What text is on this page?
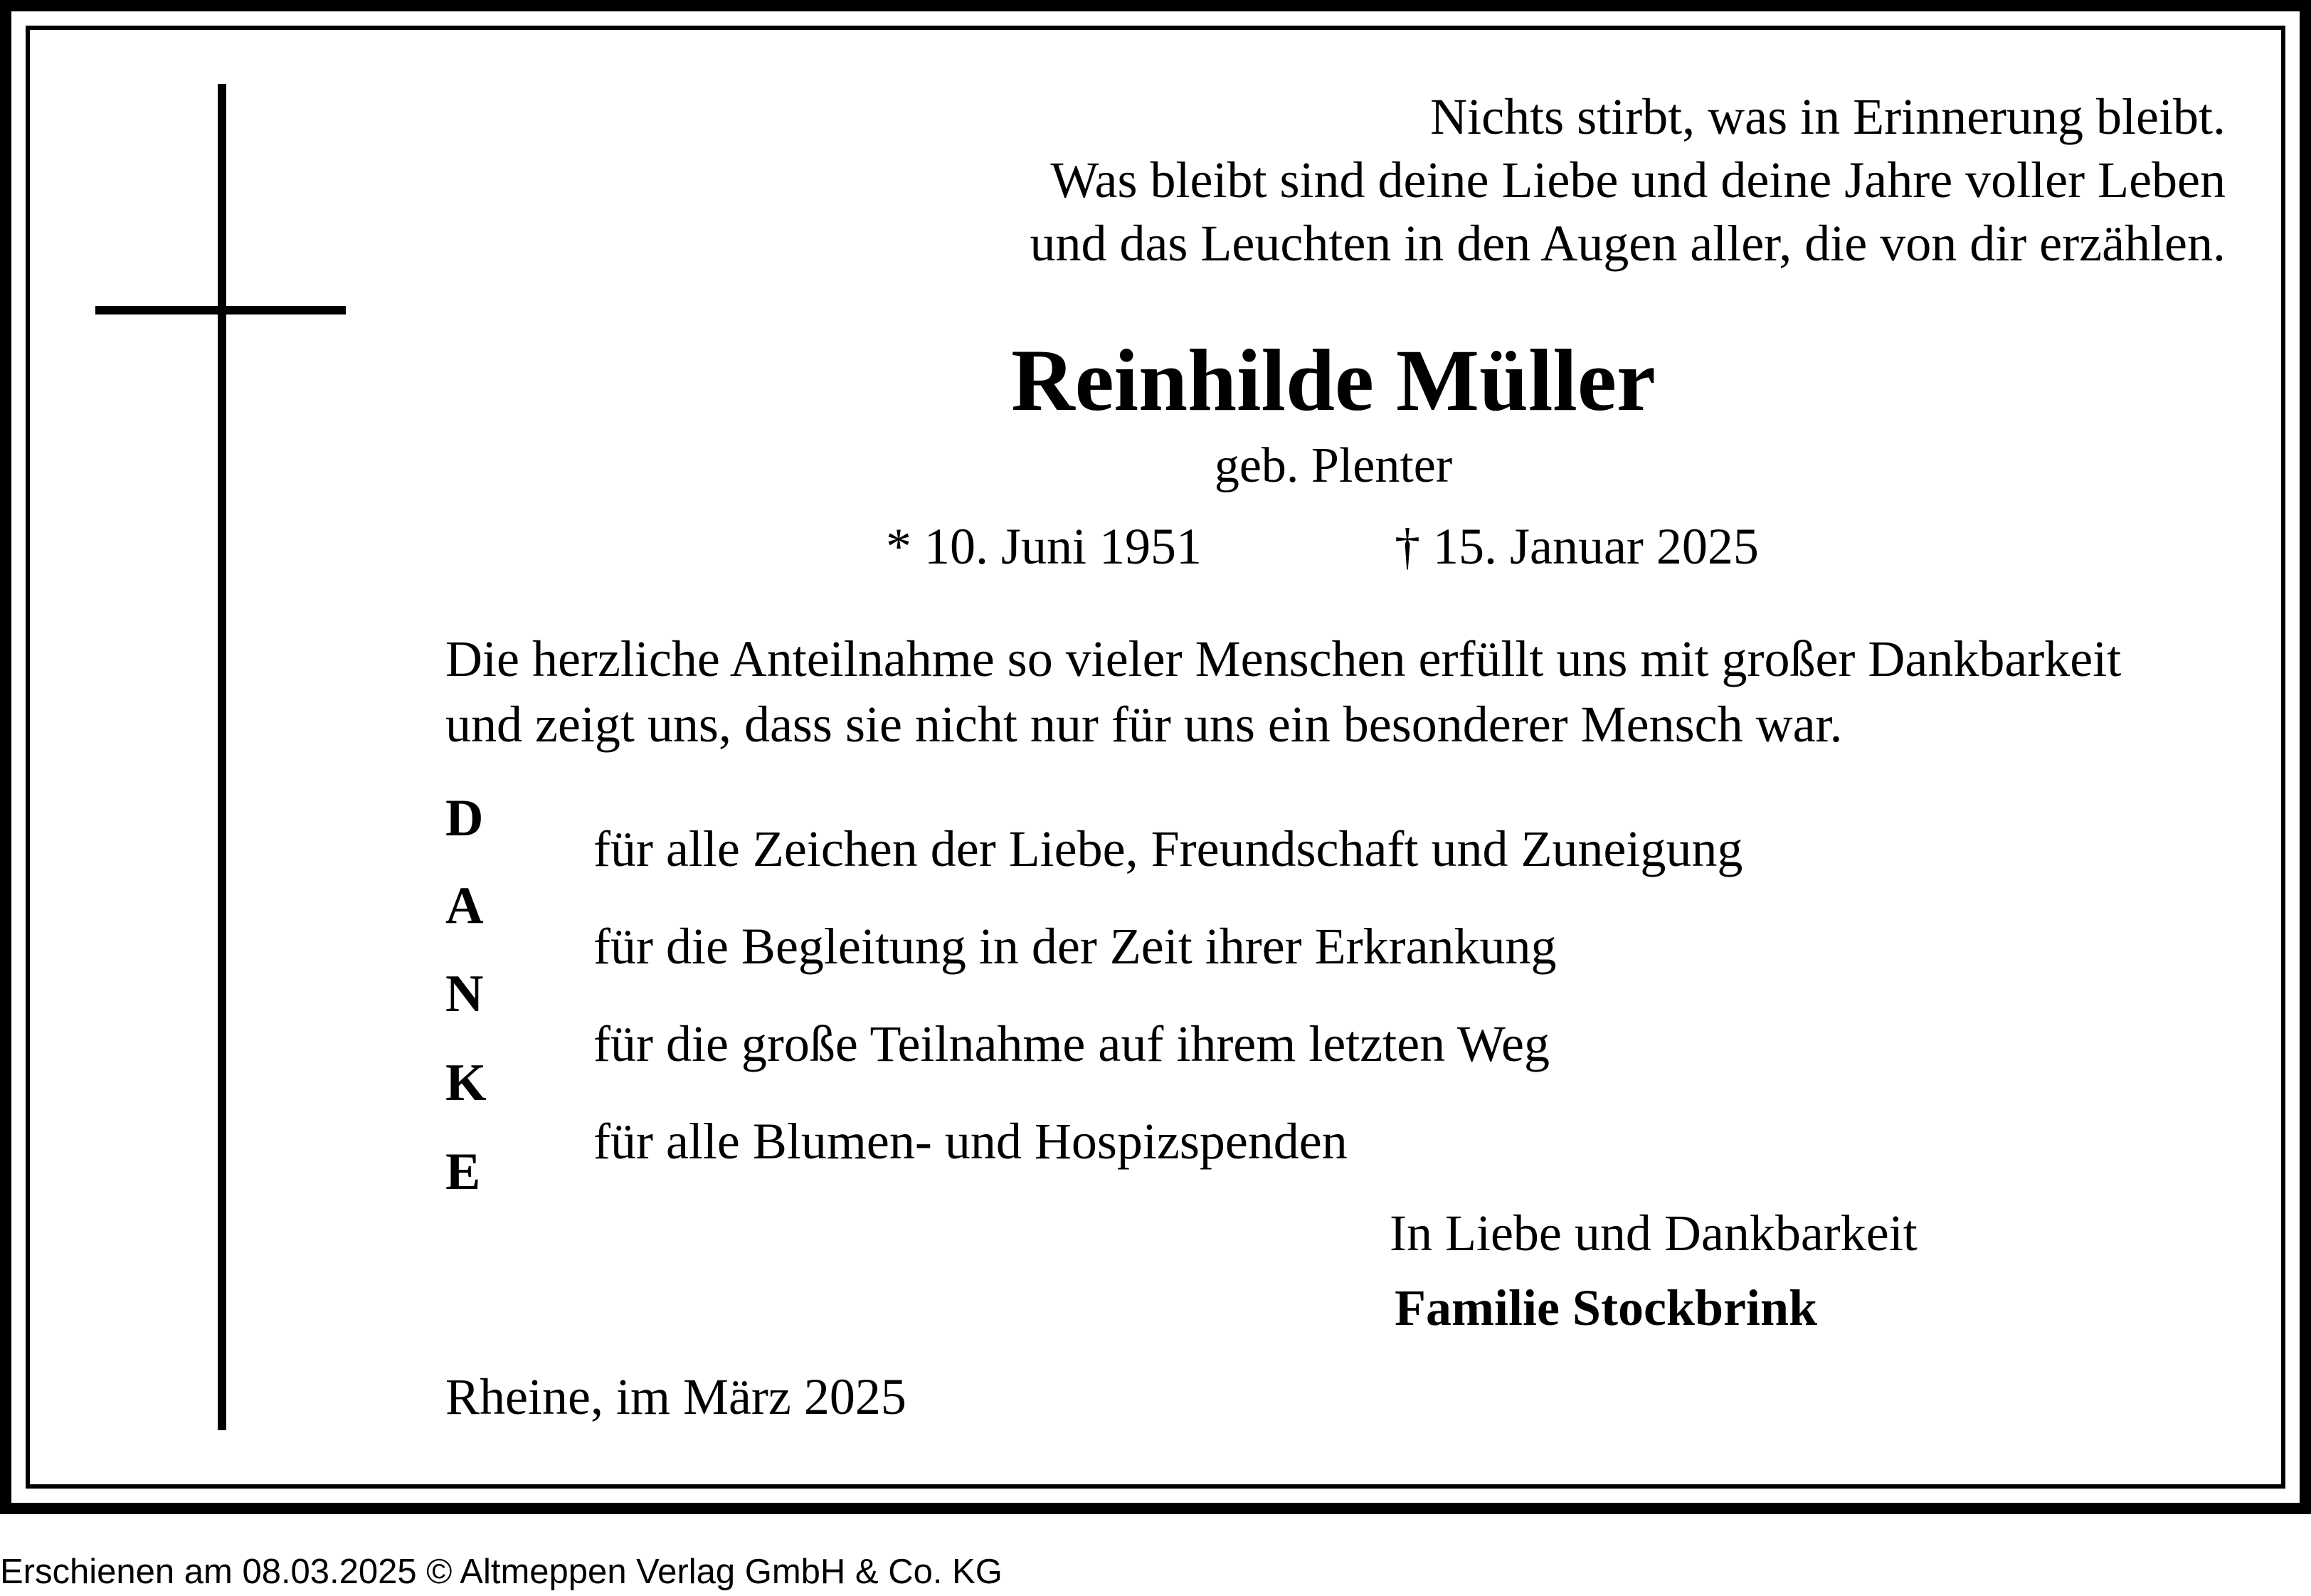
Nichts stirbt, was in Erinnerung bleibt.
Was bleibt sind deine Liebe und deine Jahre voller Leben
und das Leuchten in den Augen aller, die von dir erzählen.
Reinhilde Müller
geb. Plenter
* 10. Juni 1951	† 15. Januar 2025
Die herzliche Anteilnahme so vieler Menschen erfüllt uns mit großer Dankbarkeit
und zeigt uns, dass sie nicht nur für uns ein besonderer Mensch war.
D
A
N
K
E
für alle Zeichen der Liebe, Freundschaft und Zuneigung
für die Begleitung in der Zeit ihrer Erkrankung
für die große Teilnahme auf ihrem letzten Weg
für alle Blumen- und Hospizspenden
In Liebe und Dankbarkeit
Familie Stockbrink
Rheine, im März 2025
Erschienen am 08.03.2025 © Altmeppen Verlag GmbH & Co. KG
